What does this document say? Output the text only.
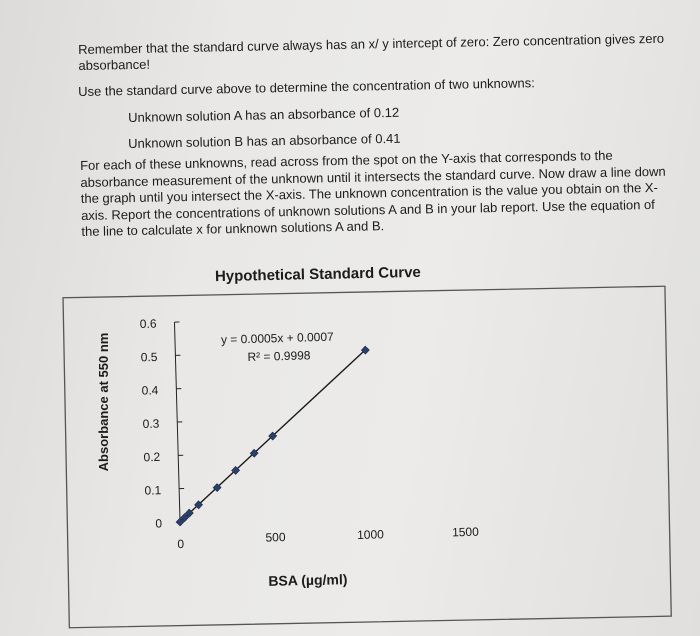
Remember that the standard curve always has an x/ y intercept of zero: Zero concentration gives zero absorbance!
Use the standard curve above to determine the concentration of two unknowns:
Unknown solution A has an absorbance of 0.12
Unknown solution B has an absorbance of 0.41
For each of these unknowns, read across from the spot on the Y-axis that corresponds to the absorbance measurement of the unknown until it intersects the standard curve. Now draw a line down the graph until you intersect the X-axis. The unknown concentration is the value you obtain on the X-axis. Report the concentrations of unknown solutions A and B in your lab report. Use the equation of the line to calculate x for unknown solutions A and B.
0
0.1
0.2
0.3
0.4
0.5
0.6
0	500	1000	1500
y = 0.0005x + 0.0007
R² = 0.9998
Hypothetical Standard Curve
BSA (µg/ml)
Absorbance at 550 nm
